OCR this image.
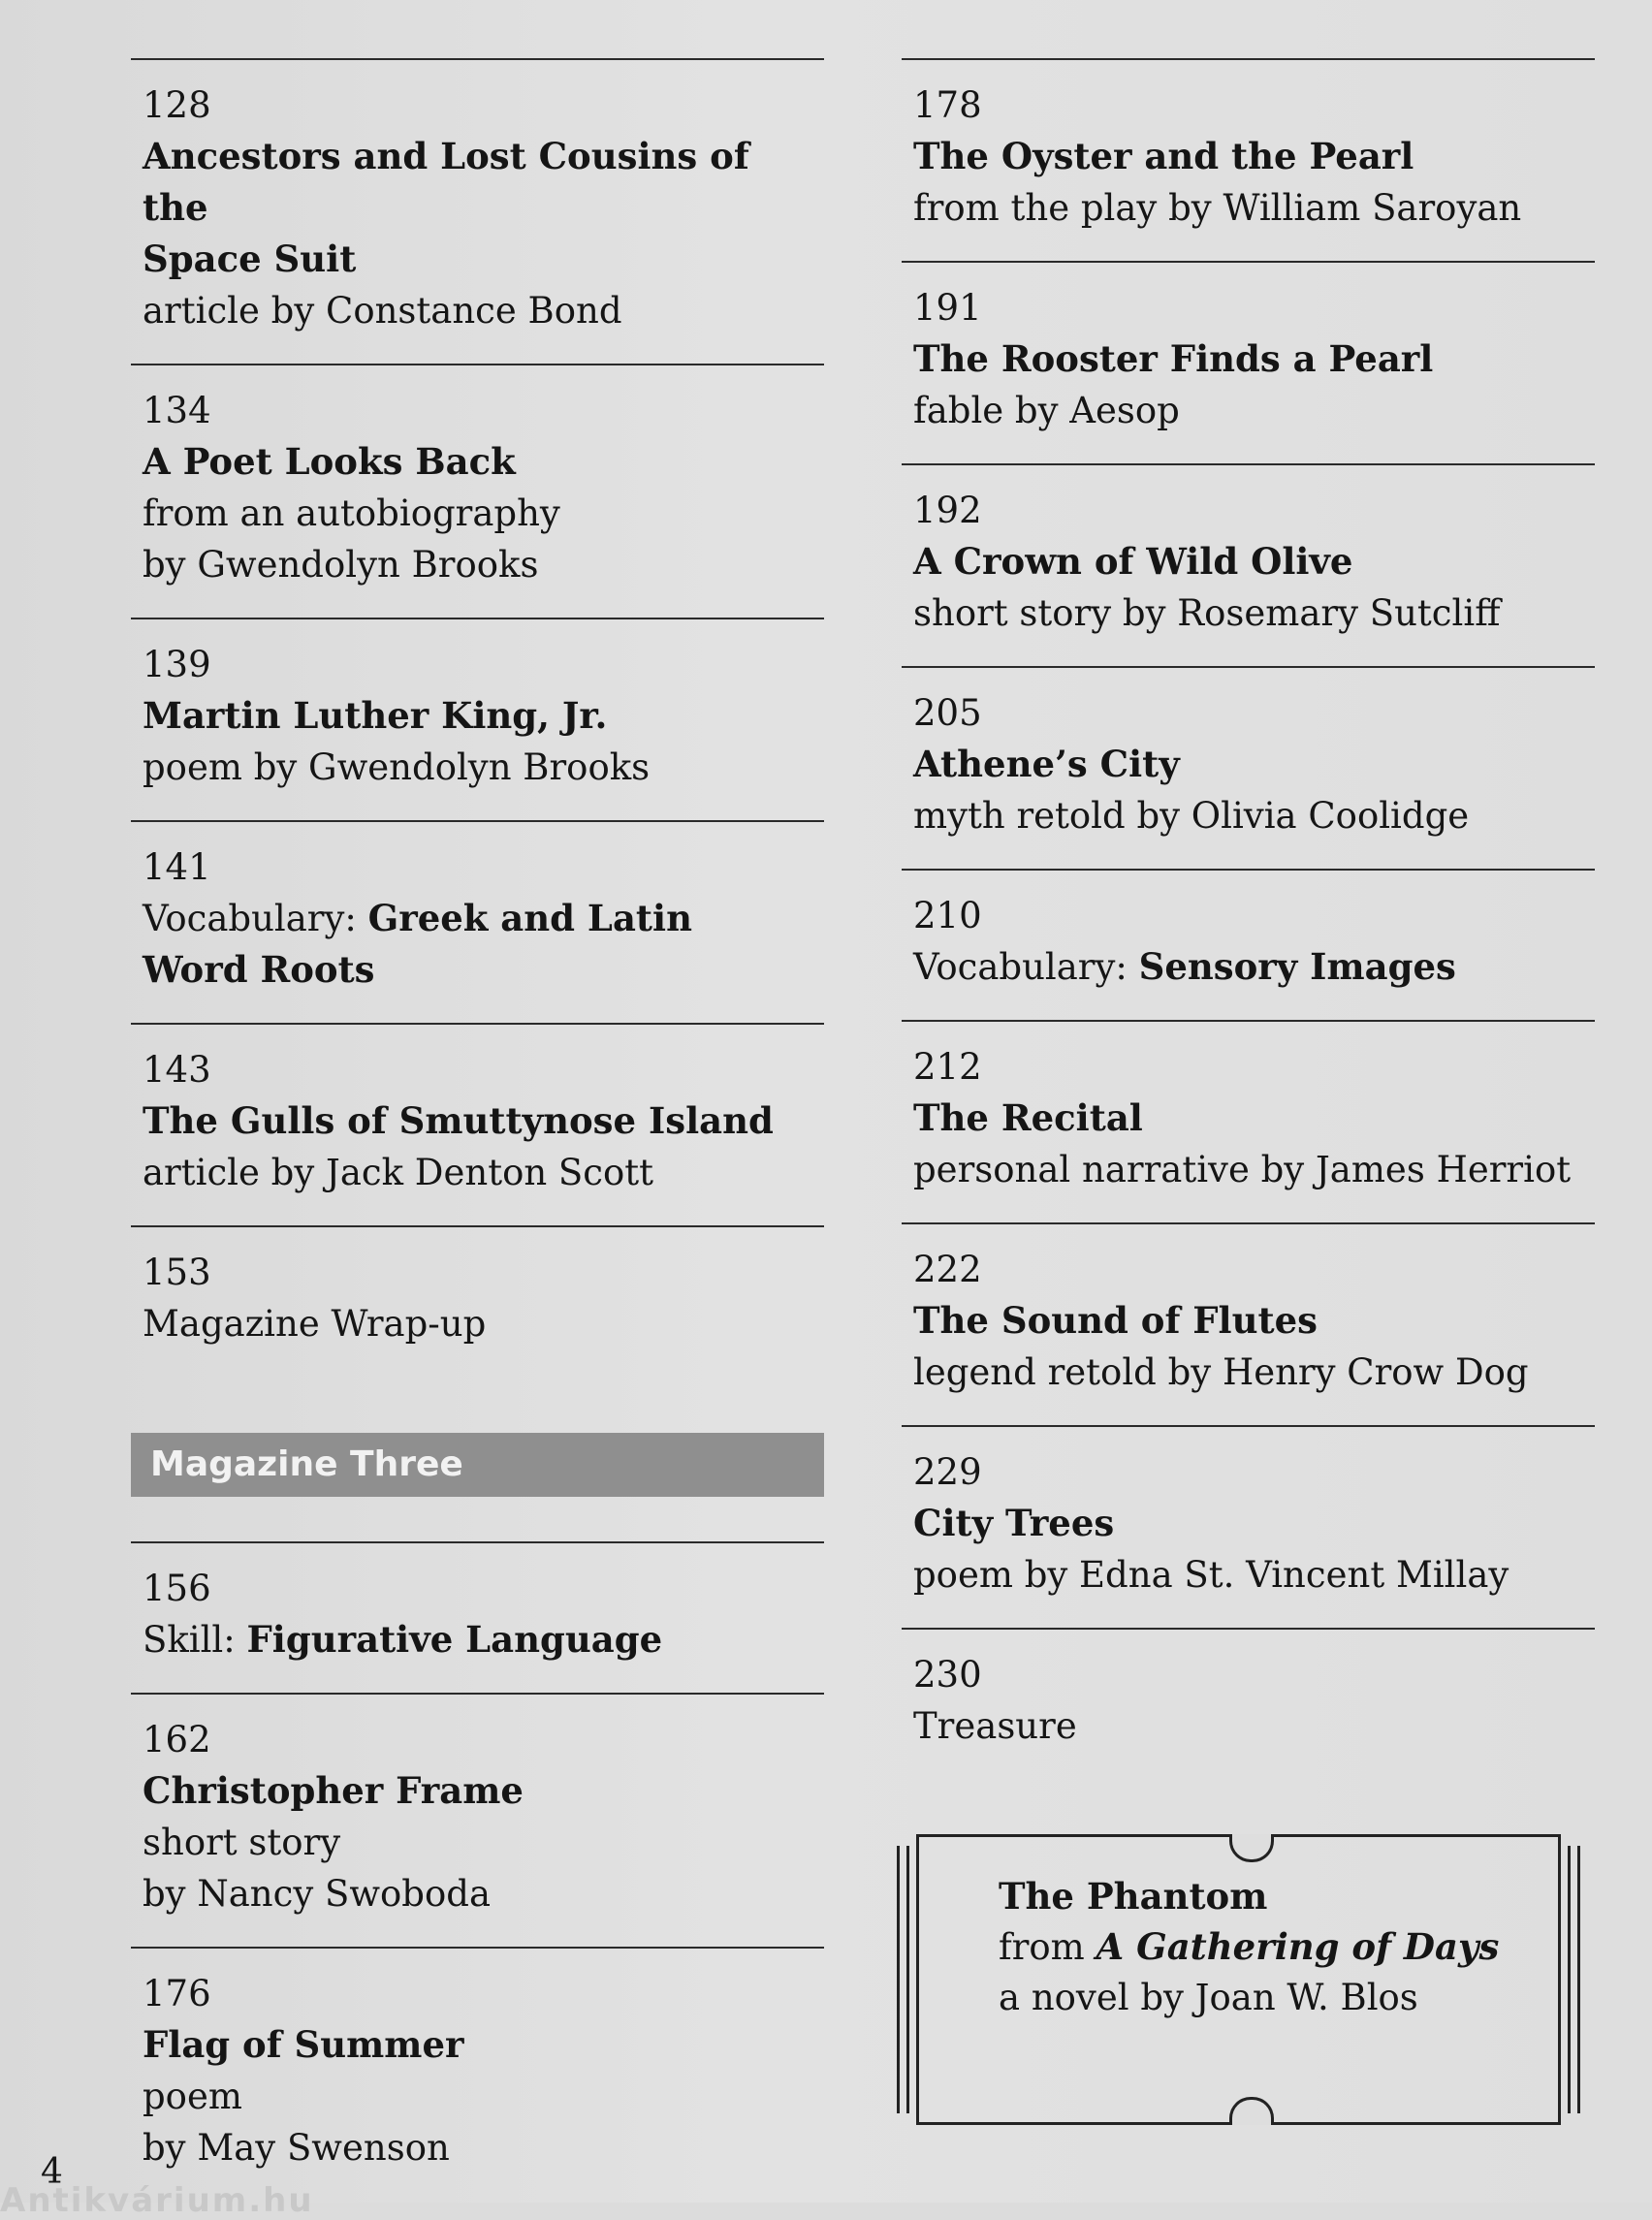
128
Ancestors and Lost Cousins of the
Space Suit
article by Constance Bond
134
A Poet Looks Back
from an autobiography
by Gwendolyn Brooks
139
Martin Luther King, Jr.
poem by Gwendolyn Brooks
141
Vocabulary: Greek and Latin
Word Roots
143
The Gulls of Smuttynose Island
article by Jack Denton Scott
153
Magazine Wrap-up
Magazine Three
156
Skill: Figurative Language
162
Christopher Frame
short story
by Nancy Swoboda
176
Flag of Summer
poem
by May Swenson
178
The Oyster and the Pearl
from the play by William Saroyan
191
The Rooster Finds a Pearl
fable by Aesop
192
A Crown of Wild Olive
short story by Rosemary Sutcliff
205
Athene’s City
myth retold by Olivia Coolidge
210
Vocabulary: Sensory Images
212
The Recital
personal narrative by James Herriot
222
The Sound of Flutes
legend retold by Henry Crow Dog
229
City Trees
poem by Edna St. Vincent Millay
230
Treasure
The Phantom
from A Gathering of Days
a novel by Joan W. Blos
4
Antikvárium.hu
